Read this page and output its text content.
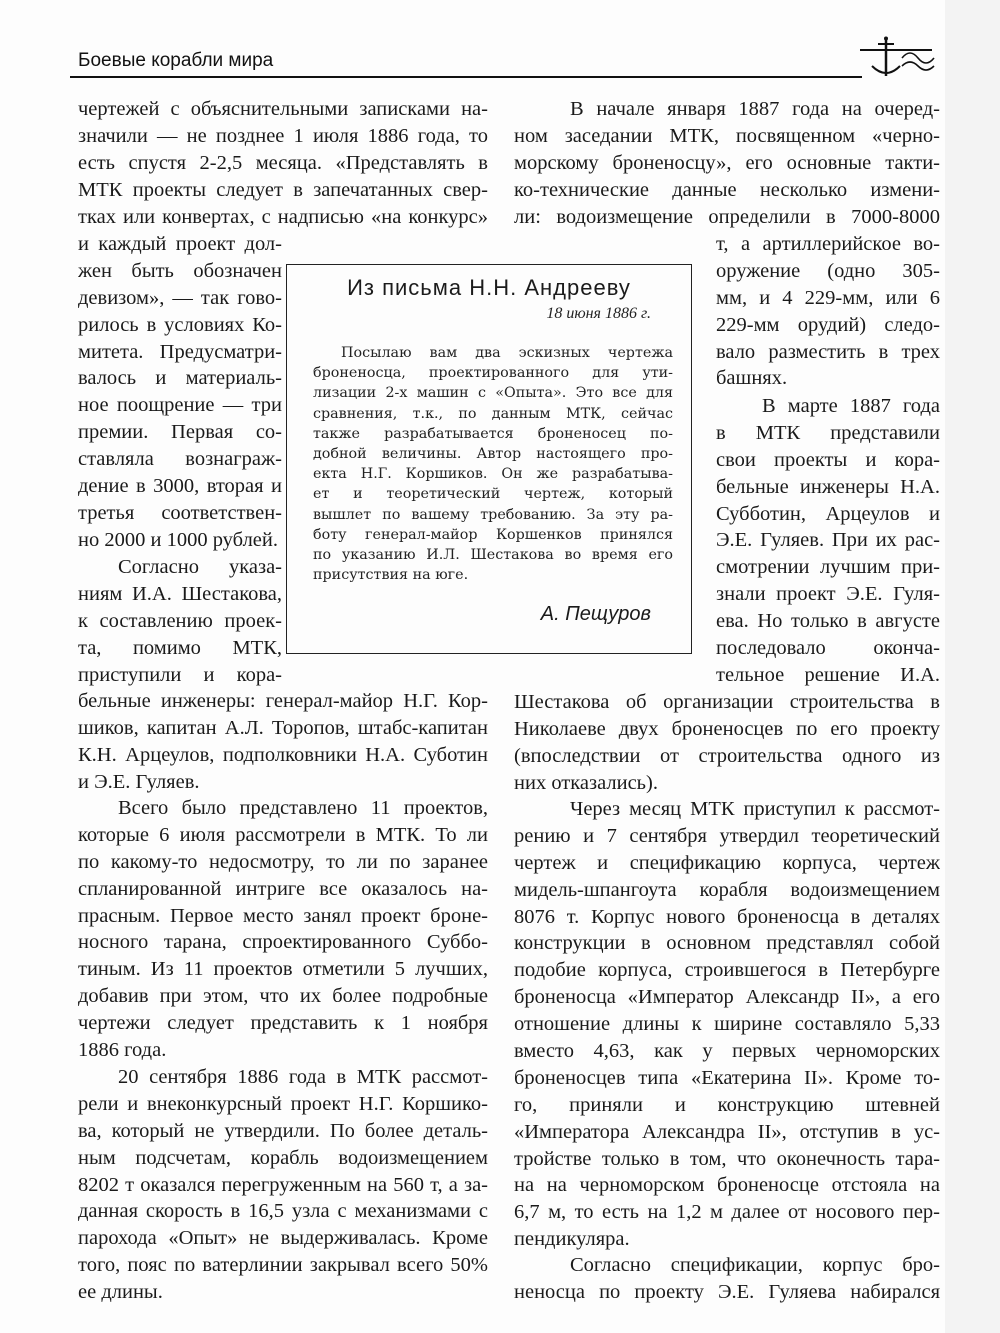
Боевые корабли мира
чертежей с объяснительными записками на-
значили — не позднее 1 июля 1886 года, то
есть спустя 2-2,5 месяца. «Представлять в
МТК проекты следует в запечатанных свер-
тках или конвертах, с надписью «на конкурс»
и каждый проект дол-
жен быть обозначен
девизом», — так гово-
рилось в условиях Ко-
митета. Предусматри-
валось и материаль-
ное поощрение — три
премии. Первая со-
ставляла вознаграж-
дение в 3000, вторая и
третья соответствен-
но 2000 и 1000 рублей.
Согласно указа-
ниям И.А. Шестакова,
к составлению проек-
та, помимо МТК,
приступили и кора-
бельные инженеры: генерал-майор Н.Г. Кор-
шиков, капитан А.Л. Торопов, штабс-капитан
К.Н. Арцеулов, подполковники Н.А. Суботин
и Э.Е. Гуляев.
Всего было представлено 11 проектов,
которые 6 июля рассмотрели в МТК. То ли
по какому-то недосмотру, то ли по заранее
спланированной интриге все оказалось на-
прасным. Первое место занял проект броне-
носного тарана, спроектированного Суббо-
тиным. Из 11 проектов отметили 5 лучших,
добавив при этом, что их более подробные
чертежи следует представить к 1 ноября
1886 года.
20 сентября 1886 года в МТК рассмот-
рели и внеконкурсный проект Н.Г. Коршико-
ва, который не утвердили. По более деталь-
ным подсчетам, корабль водоизмещением
8202 т оказался перегруженным на 560 т, а за-
данная скорость в 16,5 узла с механизмами с
парохода «Опыт» не выдерживалась. Кроме
того, пояс по ватерлинии закрывал всего 50%
ее длины.
В начале января 1887 года на очеред-
ном заседании МТК, посвященном «черно-
морскому броненосцу», его основные такти-
ко-технические данные несколько измени-
ли: водоизмещение определили в 7000-8000
т, а артиллерийское во-
оружение (одно 305-
мм, и 4 229-мм, или 6
229-мм орудий) следо-
вало разместить в трех
башнях.
В марте 1887 года
в МТК представили
свои проекты и кора-
бельные инженеры Н.А.
Субботин, Арцеулов и
Э.Е. Гуляев. При их рас-
смотрении лучшим при-
знали проект Э.Е. Гуля-
ева. Но только в августе
последовало оконча-
тельное решение И.А.
Шестакова об организации строительства в
Николаеве двух броненосцев по его проекту
(впоследствии от строительства одного из
них отказались).
Через месяц МТК приступил к рассмот-
рению и 7 сентября утвердил теоретический
чертеж и спецификацию корпуса, чертеж
мидель-шпангоута корабля водоизмещением
8076 т. Корпус нового броненосца в деталях
конструкции в основном представлял собой
подобие корпуса, строившегося в Петербурге
броненосца «Император Александр II», а его
отношение длины к ширине составляло 5,33
вместо 4,63, как у первых черноморских
броненосцев типа «Екатерина II». Кроме то-
го, приняли и конструкцию штевней
«Императора Александра II», отступив в ус-
тройстве только в том, что оконечность тара-
на на черноморском броненосце отстояла на
6,7 м, то есть на 1,2 м далее от носового пер-
пендикуляра.
Согласно спецификации, корпус бро-
неносца по проекту Э.Е. Гуляева набирался
Из письма Н.Н. Андрееву
18 июня 1886 г.
Посылаю вам два эскизных чертежа
броненосца, проектированного для ути-
лизации 2-х машин с «Опыта». Это все для
сравнения, т.к., по данным МТК, сейчас
также разрабатывается броненосец по-
добной величины. Автор настоящего про-
екта Н.Г. Коршиков. Он же разрабатыва-
ет и теоретический чертеж, который
вышлет по вашему требованию. За эту ра-
боту генерал-майор Коршенков принялся
по указанию И.Л. Шестакова во время его
присутствия на юге.
А. Пещуров
